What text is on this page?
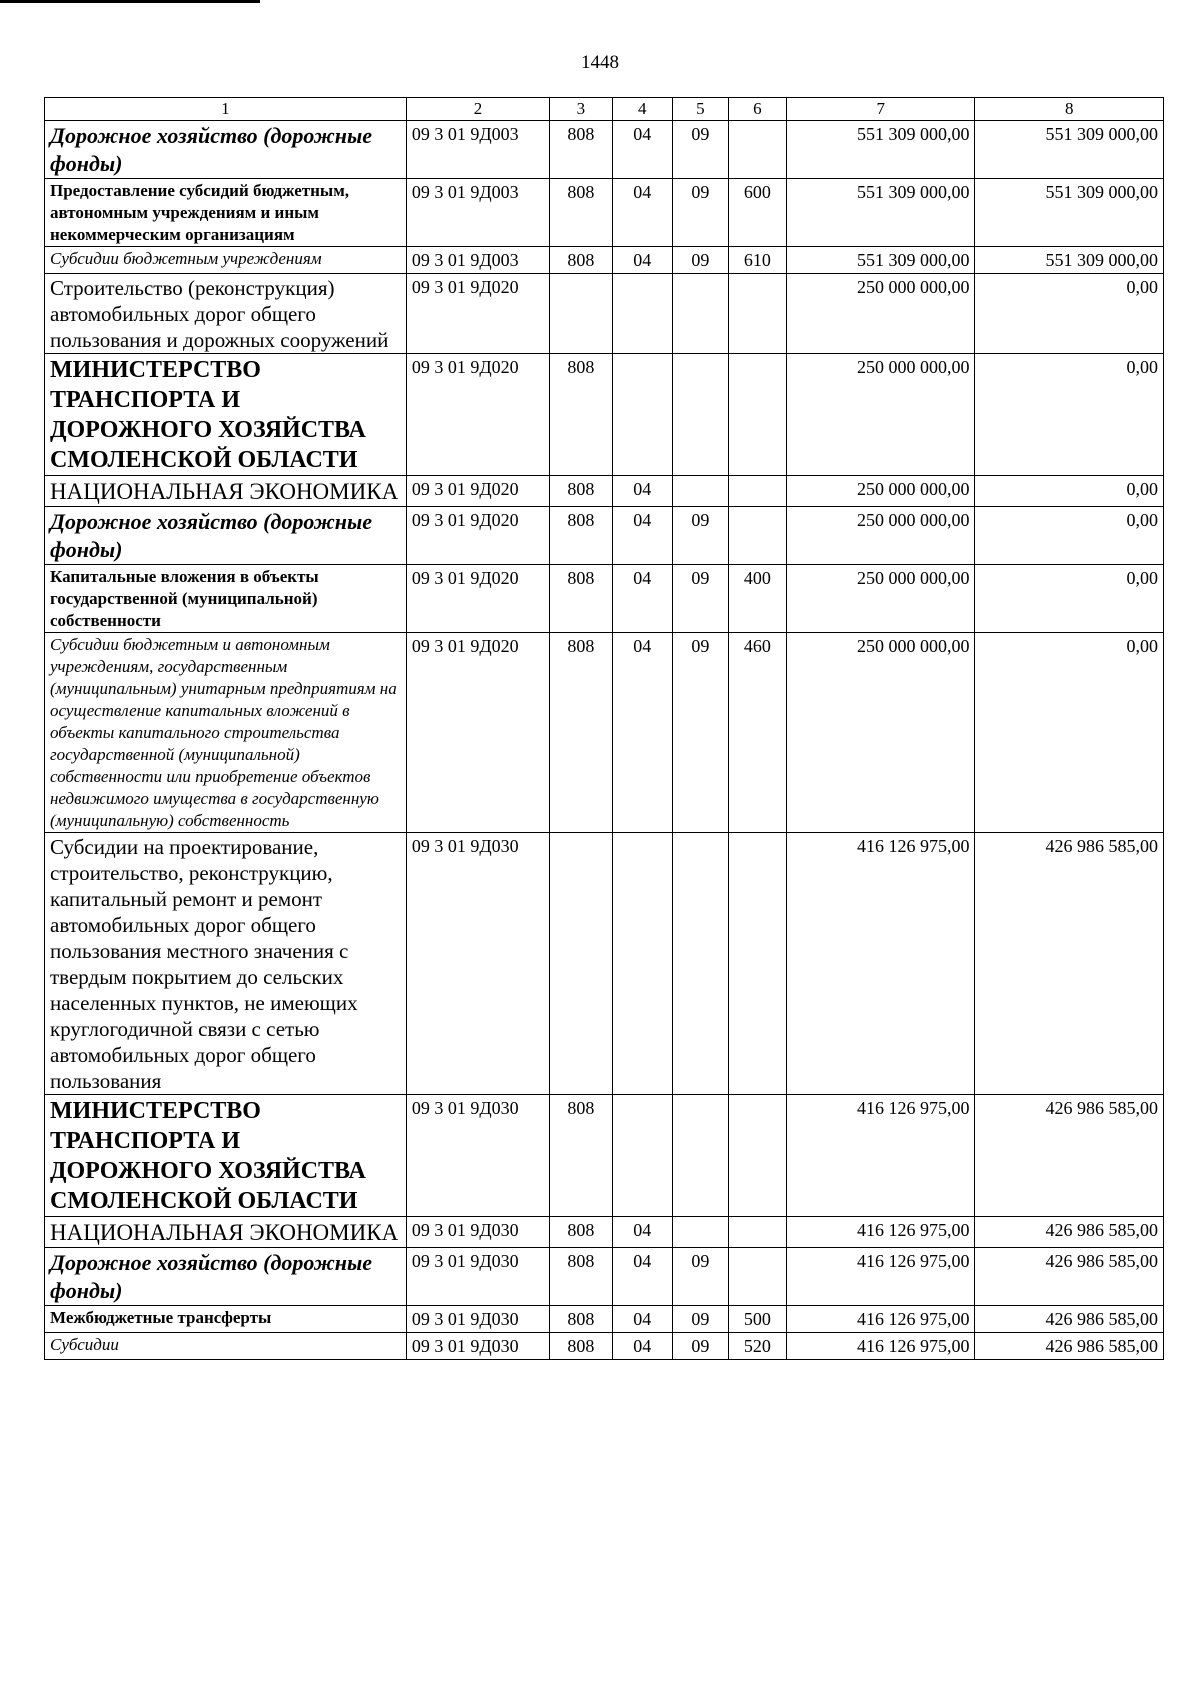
1448
1	2	3	4	5	6	7	8
Дорожное хозяйство (дорожные фонды)	09 3 01 9Д003	808	04	09		551 309 000,00	551 309 000,00
Предоставление субсидий бюджетным, автономным учреждениям и иным некоммерческим организациям	09 3 01 9Д003	808	04	09	600	551 309 000,00	551 309 000,00
Субсидии бюджетным учреждениям	09 3 01 9Д003	808	04	09	610	551 309 000,00	551 309 000,00
Строительство (реконструкция) автомобильных дорог общего пользования и дорожных сооружений	09 3 01 9Д020					250 000 000,00	0,00
МИНИСТЕРСТВО ТРАНСПОРТА И ДОРОЖНОГО ХОЗЯЙСТВА СМОЛЕНСКОЙ ОБЛАСТИ	09 3 01 9Д020	808				250 000 000,00	0,00
НАЦИОНАЛЬНАЯ ЭКОНОМИКА	09 3 01 9Д020	808	04			250 000 000,00	0,00
Дорожное хозяйство (дорожные фонды)	09 3 01 9Д020	808	04	09		250 000 000,00	0,00
Капитальные вложения в объекты государственной (муниципальной) собственности	09 3 01 9Д020	808	04	09	400	250 000 000,00	0,00
Субсидии бюджетным и автономным учреждениям, государственным (муниципальным) унитарным предприятиям на осуществление капитальных вложений в объекты капитального строительства государственной (муниципальной) собственности или приобретение объектов недвижимого имущества в государственную (муниципальную) собственность	09 3 01 9Д020	808	04	09	460	250 000 000,00	0,00
Субсидии на проектирование, строительство, реконструкцию, капитальный ремонт и ремонт автомобильных дорог общего пользования местного значения с твердым покрытием до сельских населенных пунктов, не имеющих круглогодичной связи с сетью автомобильных дорог общего пользования	09 3 01 9Д030					416 126 975,00	426 986 585,00
МИНИСТЕРСТВО ТРАНСПОРТА И ДОРОЖНОГО ХОЗЯЙСТВА СМОЛЕНСКОЙ ОБЛАСТИ	09 3 01 9Д030	808				416 126 975,00	426 986 585,00
НАЦИОНАЛЬНАЯ ЭКОНОМИКА	09 3 01 9Д030	808	04			416 126 975,00	426 986 585,00
Дорожное хозяйство (дорожные фонды)	09 3 01 9Д030	808	04	09		416 126 975,00	426 986 585,00
Межбюджетные трансферты	09 3 01 9Д030	808	04	09	500	416 126 975,00	426 986 585,00
Субсидии	09 3 01 9Д030	808	04	09	520	416 126 975,00	426 986 585,00
